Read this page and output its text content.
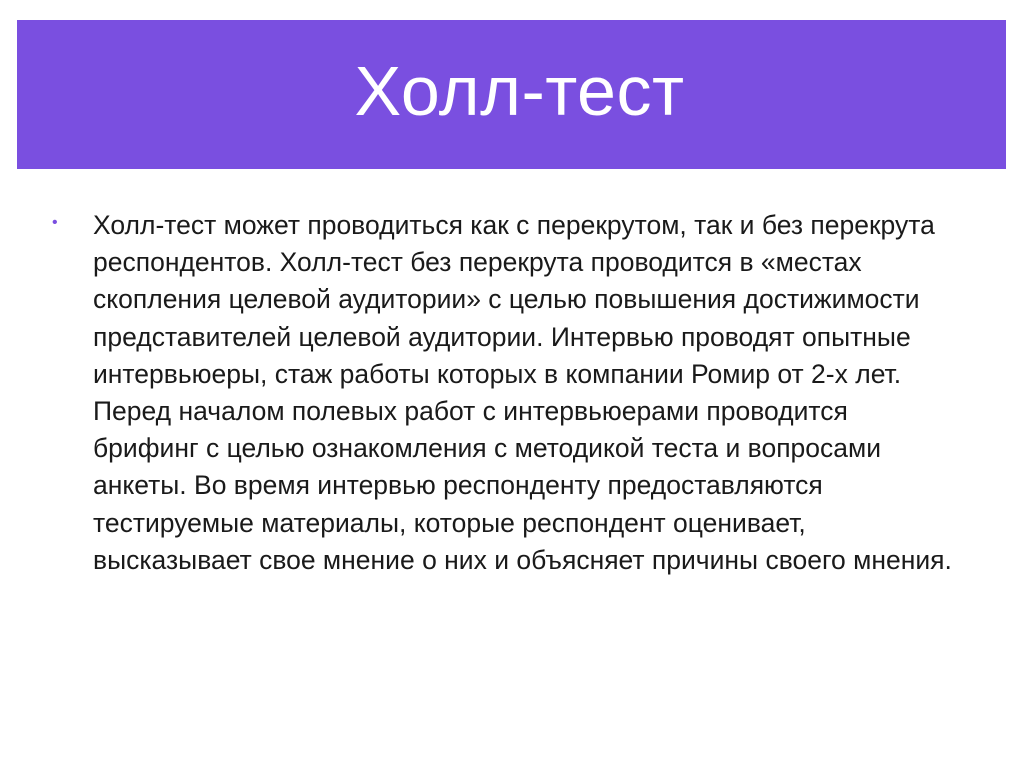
Холл-тест
• Холл-тест может проводиться как с перекрутом, так и без перекрута респондентов. Холл-тест без перекрута проводится в «местах скопления целевой аудитории» с целью повышения достижимости представителей целевой аудитории. Интервью проводят опытные интервьюеры, стаж работы которых в компании Ромир от 2-х лет. Перед началом полевых работ с интервьюерами проводится брифинг с целью ознакомления с методикой теста и вопросами анкеты. Во время интервью респонденту предоставляются тестируемые материалы, которые респондент оценивает, высказывает свое мнение о них и объясняет причины своего мнения.
